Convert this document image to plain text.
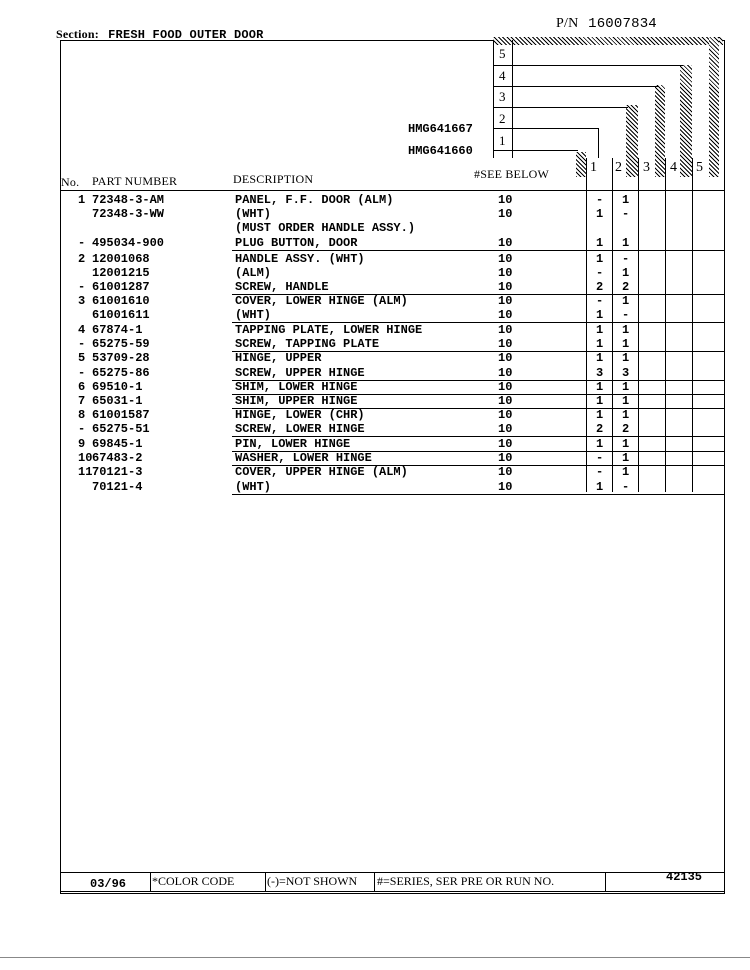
Section: FRESH FOOD OUTER DOOR
P/N 16007834
5
4
3
2
1
HMG641667
HMG641660
No. PART NUMBER	DESCRIPTION	#SEE BELOW	1 2 3 4 5
1 72348-3-AM	PANEL, F.F. DOOR (ALM)	10	- 1
72348-3-WW	(WHT)	10	1 -
(MUST ORDER HANDLE ASSY.)
- 495034-900	PLUG BUTTON, DOOR	10	1 1
2 12001068	HANDLE ASSY. (WHT)	10	1 -
12001215	(ALM)	10	- 1
- 61001287	SCREW, HANDLE	10	2 2
3 61001610	COVER, LOWER HINGE (ALM)	10	- 1
61001611	(WHT)	10	1 -
4 67874-1	TAPPING PLATE, LOWER HINGE	10	1 1
- 65275-59	SCREW, TAPPING PLATE	10	1 1
5 53709-28	HINGE, UPPER	10	1 1
- 65275-86	SCREW, UPPER HINGE	10	3 3
6 69510-1	SHIM, LOWER HINGE	10	1 1
7 65031-1	SHIM, UPPER HINGE	10	1 1
8 61001587	HINGE, LOWER (CHR)	10	1 1
- 65275-51	SCREW, LOWER HINGE	10	2 2
9 69845-1	PIN, LOWER HINGE	10	1 1
10 67483-2	WASHER, LOWER HINGE	10	- 1
11 70121-3	COVER, UPPER HINGE (ALM)	10	- 1
70121-4	(WHT)	10	1 -
03/96 *COLOR CODE	(-)=NOT SHOWN #=SERIES, SER PRE OR RUN NO.	42135
